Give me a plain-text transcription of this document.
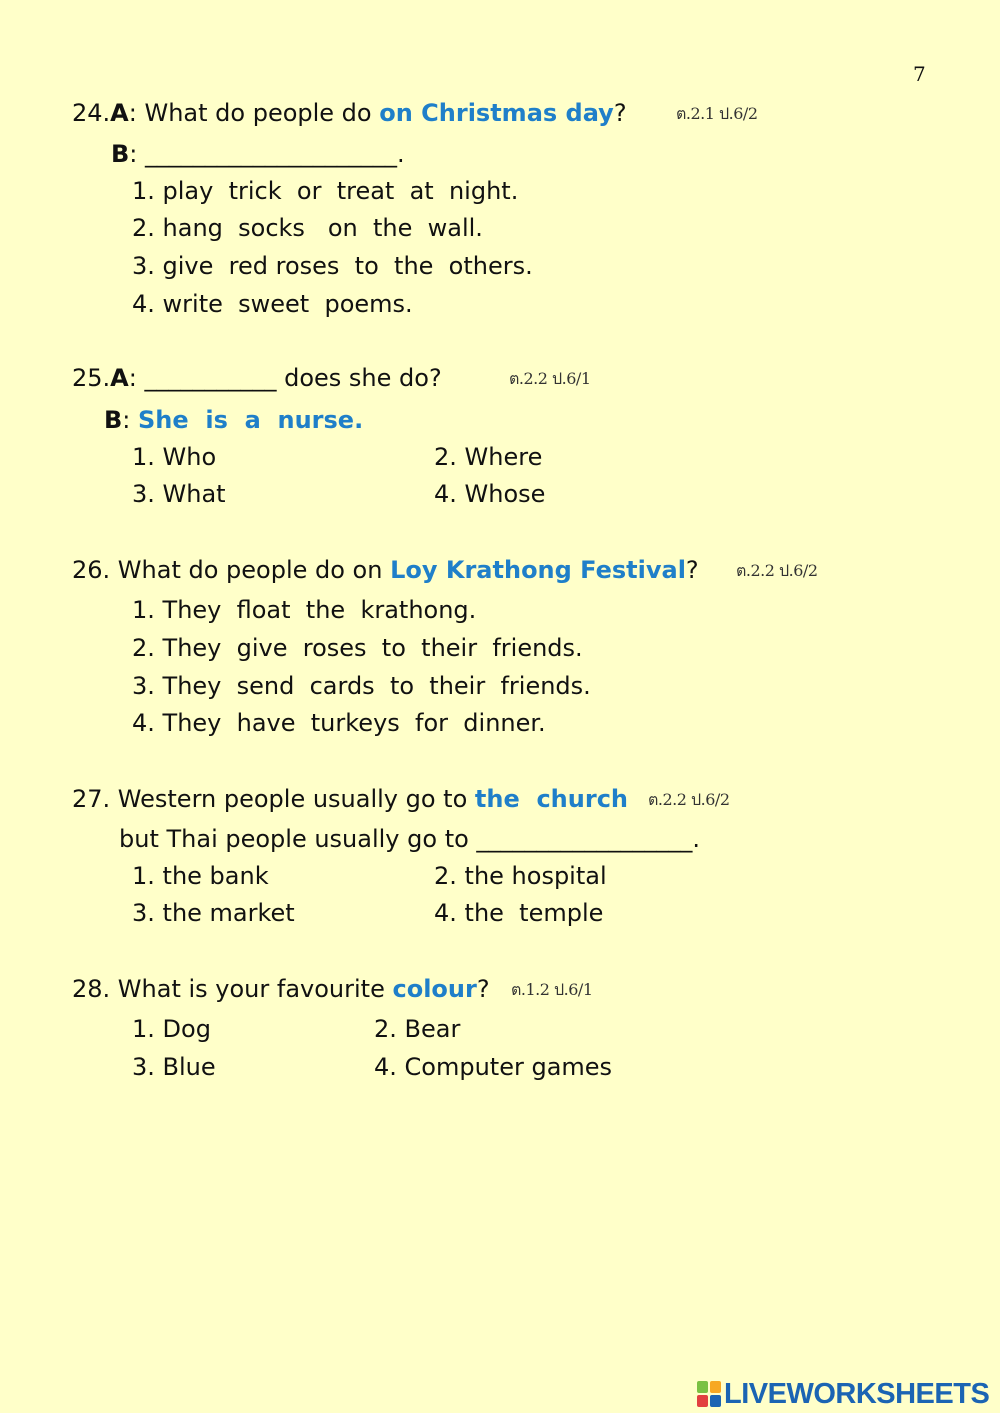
7
24.A: What do people do on Christmas day?	ต.2.1 ป.6/2
B: _____________________.
1. play  trick  or  treat  at  night.
2. hang  socks   on  the  wall.
3. give  red roses  to  the  others.
4. write  sweet  poems.
25.A: ___________ does she do?	ต.2.2 ป.6/1
B: She  is  a  nurse.
1. Who	2. Where
3. What	4. Whose
26. What do people do on Loy Krathong Festival? ต.2.2 ป.6/2
1. They  float  the  krathong.
2. They  give  roses  to  their  friends.
3. They  send  cards  to  their  friends.
4. They  have  turkeys  for  dinner.
27. Western people usually go to the  church ต.2.2 ป.6/2
but Thai people usually go to __________________.
1. the bank	2. the hospital
3. the market	4. the  temple
28. What is your favourite colour? ต.1.2 ป.6/1
1. Dog	2. Bear
3. Blue	4. Computer games
LIVEWORKSHEETS
